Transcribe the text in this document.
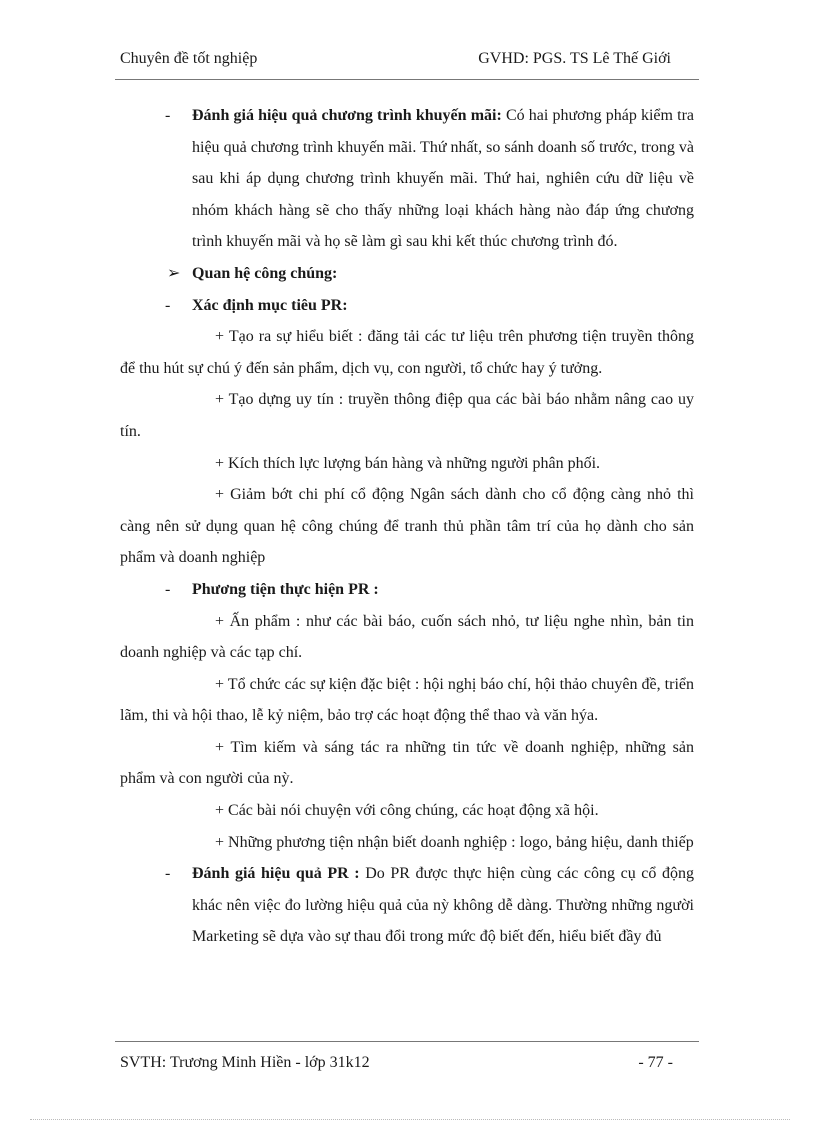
Chuyên đề tốt nghiệp	GVHD: PGS. TS Lê Thế Giới

- Đánh giá hiệu quả chương trình khuyến mãi: Có hai phương pháp kiểm tra hiệu quả chương trình khuyến mãi. Thứ nhất, so sánh doanh số trước, trong và sau khi áp dụng chương trình khuyến mãi. Thứ hai, nghiên cứu dữ liệu về nhóm khách hàng sẽ cho thấy những loại khách hàng nào đáp ứng chương trình khuyến mãi và họ sẽ làm gì sau khi kết thúc chương trình đó.

➢ Quan hệ công chúng:

- Xác định mục tiêu PR:

+ Tạo ra sự hiểu biết : đăng tải các tư liệu trên phương tiện truyền thông để thu hút sự chú ý đến sản phẩm, dịch vụ, con người, tổ chức hay ý tưởng.

+ Tạo dựng uy tín : truyền thông điệp qua các bài báo nhằm nâng cao uy tín.

+ Kích thích lực lượng bán hàng và những người phân phối.

+ Giảm bớt chi phí cổ động Ngân sách dành cho cổ động càng nhỏ thì càng nên sử dụng quan hệ công chúng để tranh thủ phần tâm trí của họ dành cho sản phẩm và doanh nghiệp

- Phương tiện thực hiện PR :

+ Ấn phẩm : như các bài báo, cuốn sách nhỏ, tư liệu nghe nhìn, bản tin doanh nghiệp và các tạp chí.

+ Tổ chức các sự kiện đặc biệt : hội nghị báo chí, hội thảo chuyên đề, triển lãm, thi và hội thao, lễ kỷ niệm, bảo trợ các hoạt động thể thao và văn hýa.

+ Tìm kiếm và sáng tác ra những tin tức về doanh nghiệp, những sản phẩm và con người của nỳ.

+ Các bài nói chuyện với công chúng, các hoạt động xã hội.

+ Những phương tiện nhận biết doanh nghiệp : logo, bảng hiệu, danh thiếp

- Đánh giá hiệu quả PR : Do PR được thực hiện cùng các công cụ cổ động khác nên việc đo lường hiệu quả của nỳ không dễ dàng. Thường những người Marketing sẽ dựa vào sự thau đổi trong mức độ biết đến, hiểu biết đầy đủ

SVTH: Trương Minh Hiền - lớp 31k12	- 77 -
